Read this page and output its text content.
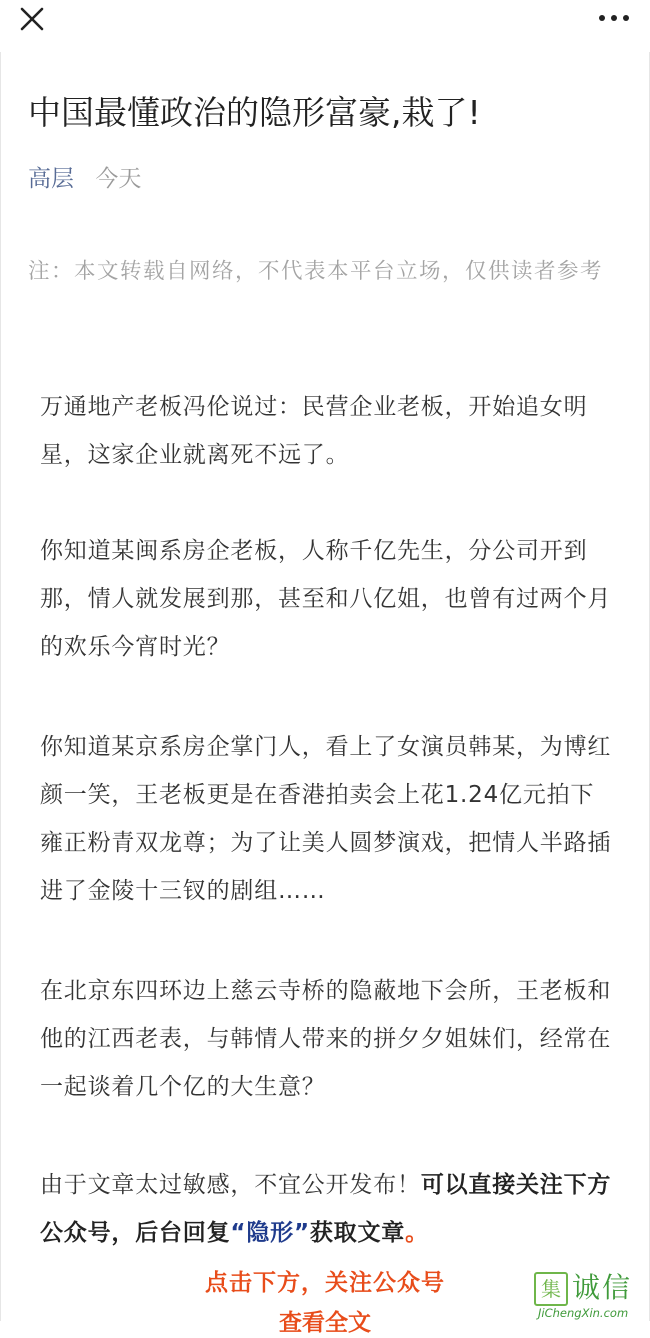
中国最懂政治的隐形富豪,栽了!
高层 今天
注：本文转载自网络，不代表本平台立场，仅供读者参考
万通地产老板冯伦说过：民营企业老板，开始追女明星，这家企业就离死不远了。
你知道某闽系房企老板，人称千亿先生，分公司开到那，情人就发展到那，甚至和八亿姐，也曾有过两个月的欢乐今宵时光？
你知道某京系房企掌门人，看上了女演员韩某，为博红颜一笑，王老板更是在香港拍卖会上花1.24亿元拍下雍正粉青双龙尊；为了让美人圆梦演戏，把情人半路插进了金陵十三钗的剧组……
在北京东四环边上慈云寺桥的隐蔽地下会所，王老板和他的江西老表，与韩情人带来的拼夕夕姐妹们，经常在一起谈着几个亿的大生意？
由于文章太过敏感，不宜公开发布！可以直接关注下方公众号，后台回复“隐形”获取文章。
点击下方，关注公众号
查看全文
集 诚信
JiChengXin.com
